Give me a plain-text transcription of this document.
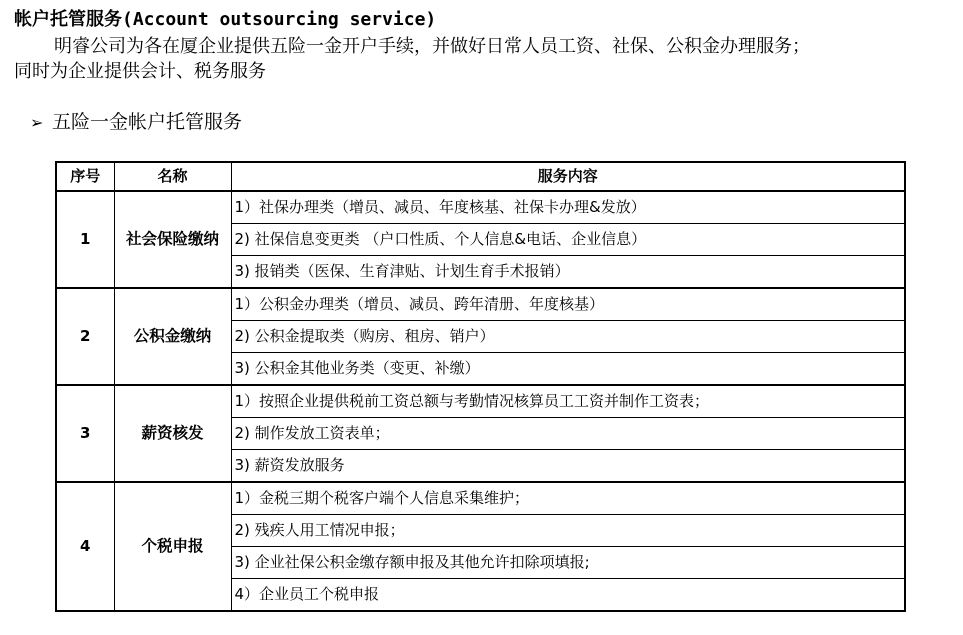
帐户托管服务(Account outsourcing service)

明睿公司为各在厦企业提供五险一金开户手续，并做好日常人员工资、社保、公积金办理服务；
同时为企业提供会计、税务服务

➢ 五险一金帐户托管服务
序号	名称	服务内容
1	社会保险缴纳	1）社保办理类（增员、减员、年度核基、社保卡办理&发放）
		2) 社保信息变更类 （户口性质、个人信息&电话、企业信息）
		3) 报销类（医保、生育津贴、计划生育手术报销）
2	公积金缴纳	1）公积金办理类（增员、减员、跨年清册、年度核基）
		2) 公积金提取类（购房、租房、销户）
		3) 公积金其他业务类（变更、补缴）
3	薪资核发	1）按照企业提供税前工资总额与考勤情况核算员工工资并制作工资表；
		2) 制作发放工资表单；
		3) 薪资发放服务
4	个税申报	1）金税三期个税客户端个人信息采集维护；
		2) 残疾人用工情况申报；
		3) 企业社保公积金缴存额申报及其他允许扣除项填报;
		4）企业员工个税申报
